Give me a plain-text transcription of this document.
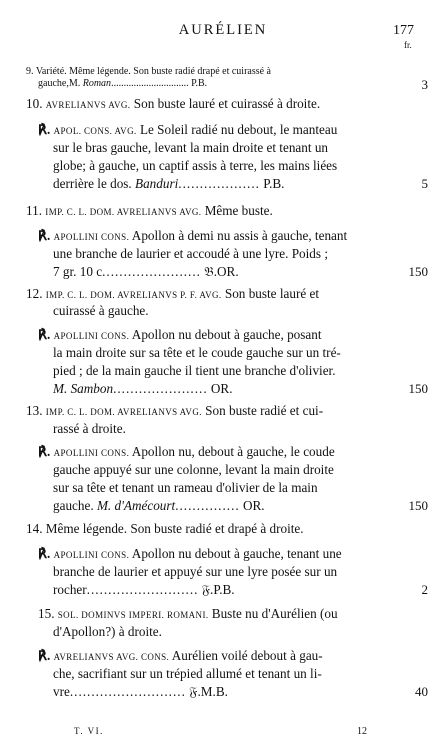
AURÉLIEN	177
fr.
9. Variété. Même légende. Son buste radié drapé et cuirassé à
gauche,M. Roman............................... P.B.
10. AVRELIANVS AVG. Son buste lauré et cuirassé à droite.
℟. APOL. CONS. AVG. Le Soleil radié nu debout, le manteau
sur le bras gauche, levant la main droite et tenant un
globe; à gauche, un captif assis à terre, les mains liées
derrière le dos. Banduri................... P.B.
11. IMP. C. L. DOM. AVRELIANVS AVG. Même buste.
℟. APOLLINI CONS. Apollon à demi nu assis à gauche, tenant
une branche de laurier et accoudé à une lyre. Poids ;
7 gr. 10 c....................... 𝔅.OR.
12. IMP. C. L. DOM. AVRELIANVS P. F. AVG. Son buste lauré et
cuirassé à gauche.
℟. APOLLINI CONS. Apollon nu debout à gauche, posant
la main droite sur sa tête et le coude gauche sur un tré-
pied ; de la main gauche il tient une branche d'olivier.
M. Sambon...................... OR.
13. IMP. C. L. DOM. AVRELIANVS AVG. Son buste radié et cui-
rassé à droite.
℟. APOLLINI CONS. Apollon nu, debout à gauche, le coude
gauche appuyé sur une colonne, levant la main droite
sur sa tête et tenant un rameau d'olivier de la main
gauche. M. d'Amécourt............... OR.
14. Même légende. Son buste radié et drapé à droite.
℟. APOLLINI CONS. Apollon nu debout à gauche, tenant une
branche de laurier et appuyé sur une lyre posée sur un
rocher.......................... 𝔉.P.B.
15. SOL. DOMINVS IMPERI. ROMANI. Buste nu d'Aurélien (ou
d'Apollon?) à droite.
℟. AVRELIANVS AVG. CONS. Aurélien voilé debout à gau-
che, sacrifiant sur un trépied allumé et tenant un li-
vre........................... 𝔉.M.B.
3
5
150
150
150
2
40
T. VI.	12
